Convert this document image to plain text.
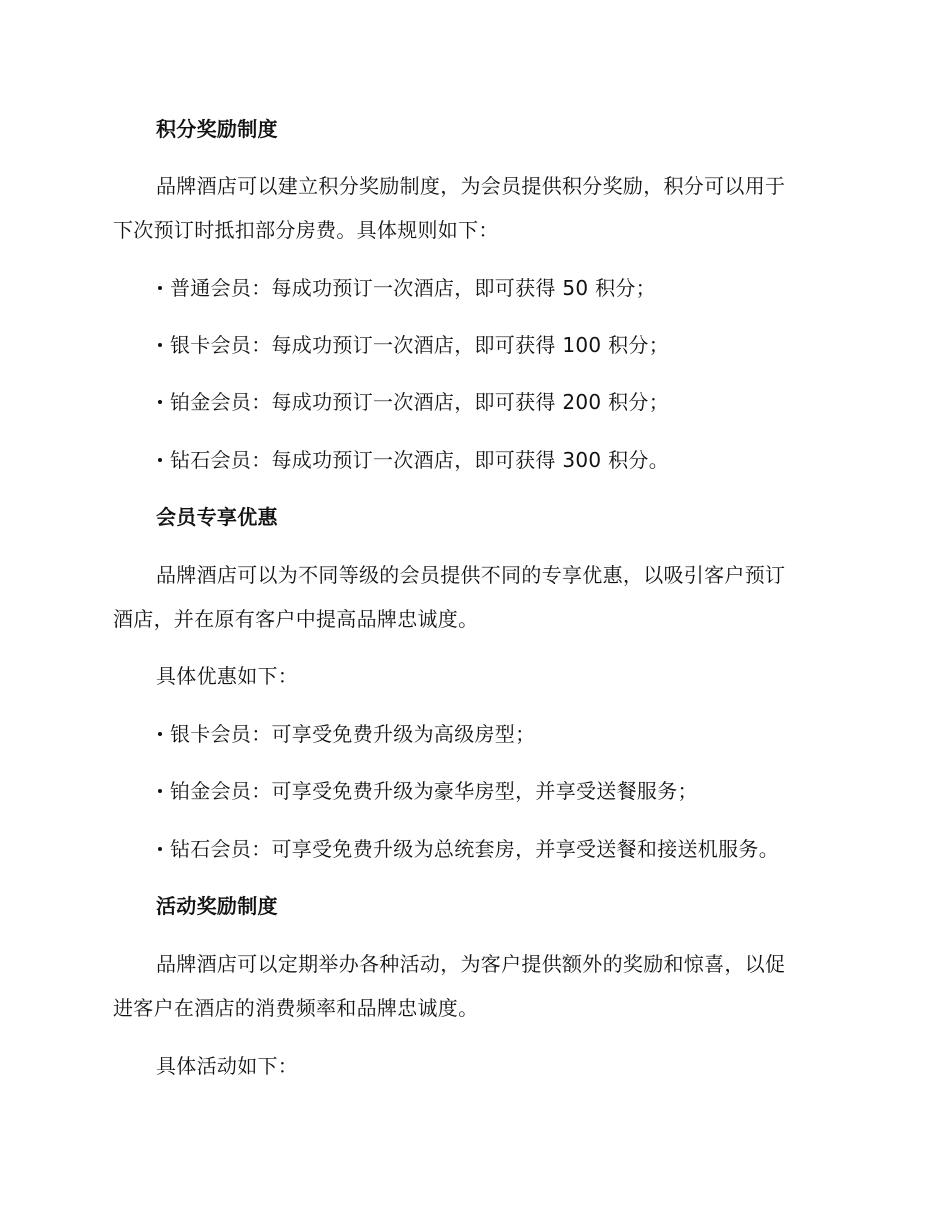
积分奖励制度
品牌酒店可以建立积分奖励制度，为会员提供积分奖励，积分可以用于
下次预订时抵扣部分房费。具体规则如下：
普通会员：每成功预订一次酒店，即可获得 50 积分；
银卡会员：每成功预订一次酒店，即可获得 100 积分；
铂金会员：每成功预订一次酒店，即可获得 200 积分；
钻石会员：每成功预订一次酒店，即可获得 300 积分。
会员专享优惠
品牌酒店可以为不同等级的会员提供不同的专享优惠，以吸引客户预订
酒店，并在原有客户中提高品牌忠诚度。
具体优惠如下：
银卡会员：可享受免费升级为高级房型；
铂金会员：可享受免费升级为豪华房型，并享受送餐服务；
钻石会员：可享受免费升级为总统套房，并享受送餐和接送机服务。
活动奖励制度
品牌酒店可以定期举办各种活动，为客户提供额外的奖励和惊喜，以促
进客户在酒店的消费频率和品牌忠诚度。
具体活动如下：
